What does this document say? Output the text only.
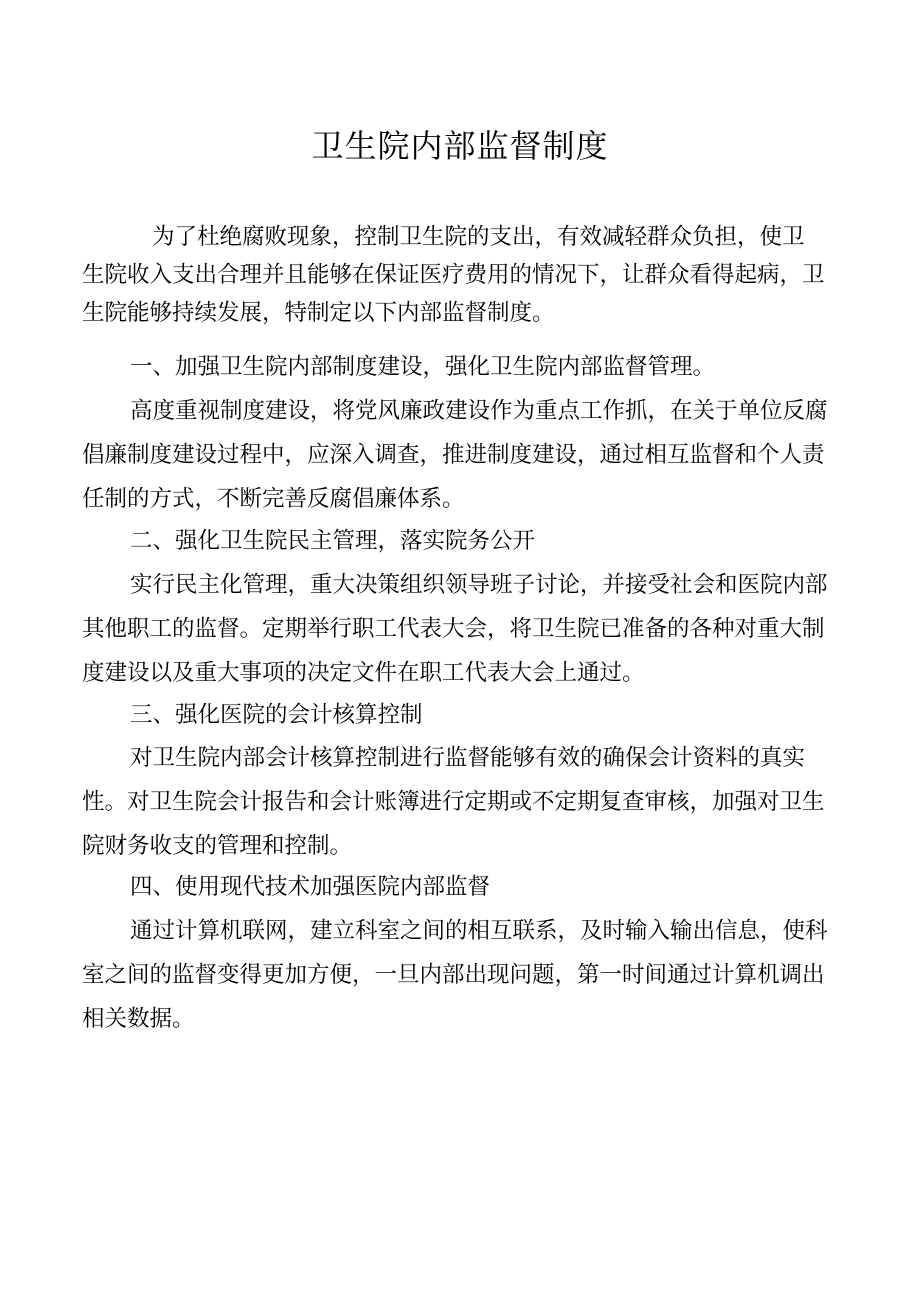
卫生院内部监督制度
为了杜绝腐败现象，控制卫生院的支出，有效减轻群众负担，使卫
生院收入支出合理并且能够在保证医疗费用的情况下，让群众看得起病，卫
生院能够持续发展，特制定以下内部监督制度。
一、加强卫生院内部制度建设，强化卫生院内部监督管理。
高度重视制度建设，将党风廉政建设作为重点工作抓，在关于单位反腐
倡廉制度建设过程中，应深入调查，推进制度建设，通过相互监督和个人责
任制的方式，不断完善反腐倡廉体系。
二、强化卫生院民主管理，落实院务公开
实行民主化管理，重大决策组织领导班子讨论，并接受社会和医院内部
其他职工的监督。定期举行职工代表大会，将卫生院已准备的各种对重大制
度建设以及重大事项的决定文件在职工代表大会上通过。
三、强化医院的会计核算控制
对卫生院内部会计核算控制进行监督能够有效的确保会计资料的真实
性。对卫生院会计报告和会计账簿进行定期或不定期复查审核，加强对卫生
院财务收支的管理和控制。
四、使用现代技术加强医院内部监督
通过计算机联网，建立科室之间的相互联系，及时输入输出信息，使科
室之间的监督变得更加方便，一旦内部出现问题，第一时间通过计算机调出
相关数据。
